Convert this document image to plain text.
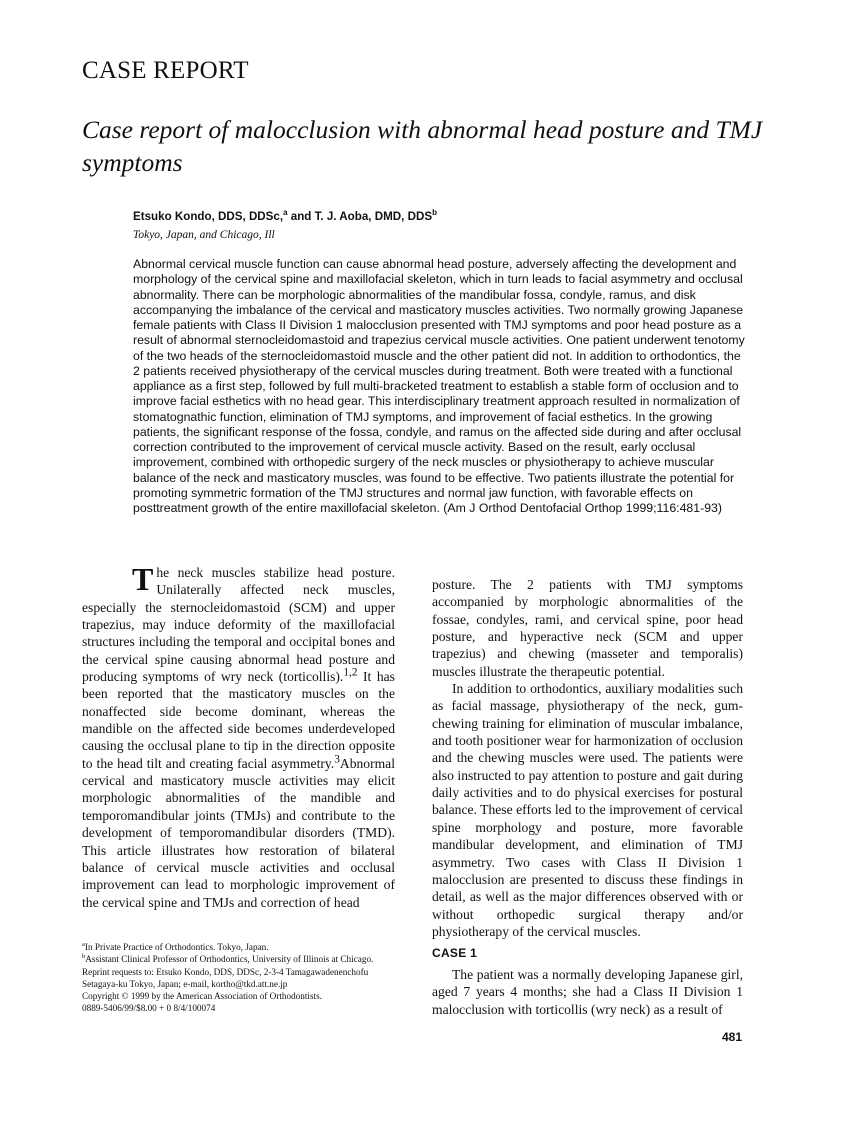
CASE REPORT
Case report of malocclusion with abnormal head posture and TMJ symptoms
Etsuko Kondo, DDS, DDSc,$^a$ and T. J. Aoba, DMD, DDS$^b$
Tokyo, Japan, and Chicago, Ill
Abnormal cervical muscle function can cause abnormal head posture, adversely affecting the development and morphology of the cervical spine and maxillofacial skeleton, which in turn leads to facial asymmetry and occlusal abnormality. There can be morphologic abnormalities of the mandibular fossa, condyle, ramus, and disk accompanying the imbalance of the cervical and masticatory muscles activities. Two normally growing Japanese female patients with Class II Division 1 malocclusion presented with TMJ symptoms and poor head posture as a result of abnormal sternocleidomastoid and trapezius cervical muscle activities. One patient underwent tenotomy of the two heads of the sternocleidomastoid muscle and the other patient did not. In addition to orthodontics, the 2 patients received physiotherapy of the cervical muscles during treatment. Both were treated with a functional appliance as a first step, followed by full multi-bracketed treatment to establish a stable form of occlusion and to improve facial esthetics with no head gear. This interdisciplinary treatment approach resulted in normalization of stomatognathic function, elimination of TMJ symptoms, and improvement of facial esthetics. In the growing patients, the significant response of the fossa, condyle, and ramus on the affected side during and after occlusal correction contributed to the improvement of cervical muscle activity. Based on the result, early occlusal improvement, combined with orthopedic surgery of the neck muscles or physiotherapy to achieve muscular balance of the neck and masticatory muscles, was found to be effective. Two patients illustrate the potential for promoting symmetric formation of the TMJ structures and normal jaw function, with favorable effects on posttreatment growth of the entire maxillofacial skeleton. (Am J Orthod Dentofacial Orthop 1999;116:481-93)

The neck muscles stabilize head posture. Unilaterally affected neck muscles, especially the sternocleidomastoid (SCM) and upper trapezius, may induce deformity of the maxillofacial structures including the temporal and occipital bones and the cervical spine causing abnormal head posture and producing symptoms of wry neck (torticollis).$^{1,2}$ It has been reported that the masticatory muscles on the nonaffected side become dominant, whereas the mandible on the affected side becomes underdeveloped causing the occlusal plane to tip in the direction opposite to the head tilt and creating facial asymmetry.$^3$Abnormal cervical and masticatory muscle activities may elicit morphologic abnormalities of the mandible and temporomandibular joints (TMJs) and contribute to the development of temporomandibular disorders (TMD). This article illustrates how restoration of bilateral balance of cervical muscle activities and occlusal improvement can lead to morphologic improvement of the cervical spine and TMJs and correction of head

posture. The 2 patients with TMJ symptoms accompanied by morphologic abnormalities of the fossae, condyles, rami, and cervical spine, poor head posture, and hyperactive neck (SCM and upper trapezius) and chewing (masseter and temporalis) muscles illustrate the therapeutic potential.

In addition to orthodontics, auxiliary modalities such as facial massage, physiotherapy of the neck, gum-chewing training for elimination of muscular imbalance, and tooth positioner wear for harmonization of occlusion and the chewing muscles were used. The patients were also instructed to pay attention to posture and gait during daily activities and to do physical exercises for postural balance. These efforts led to the improvement of cervical spine morphology and posture, more favorable mandibular development, and elimination of TMJ asymmetry. Two cases with Class II Division 1 malocclusion are presented to discuss these findings in detail, as well as the major differences observed with or without orthopedic surgical therapy and/or physiotherapy of the cervical muscles.

$^a$In Private Practice of Orthodontics. Tokyo, Japan.
$^b$Assistant Clinical Professor of Orthodontics, University of Illinois at Chicago.
Reprint requests to: Etsuko Kondo, DDS, DDSc, 2-3-4 Tamagawadenenchofu
Setagaya-ku Tokyo, Japan; e-mail, kortho@tkd.att.ne.jp
Copyright © 1999 by the American Association of Orthodontists.
0889-5406/99/$8.00 + 0 8/4/100074
CASE 1

The patient was a normally developing Japanese girl, aged 7 years 4 months; she had a Class II Division 1 malocclusion with torticollis (wry neck) as a result of

481
